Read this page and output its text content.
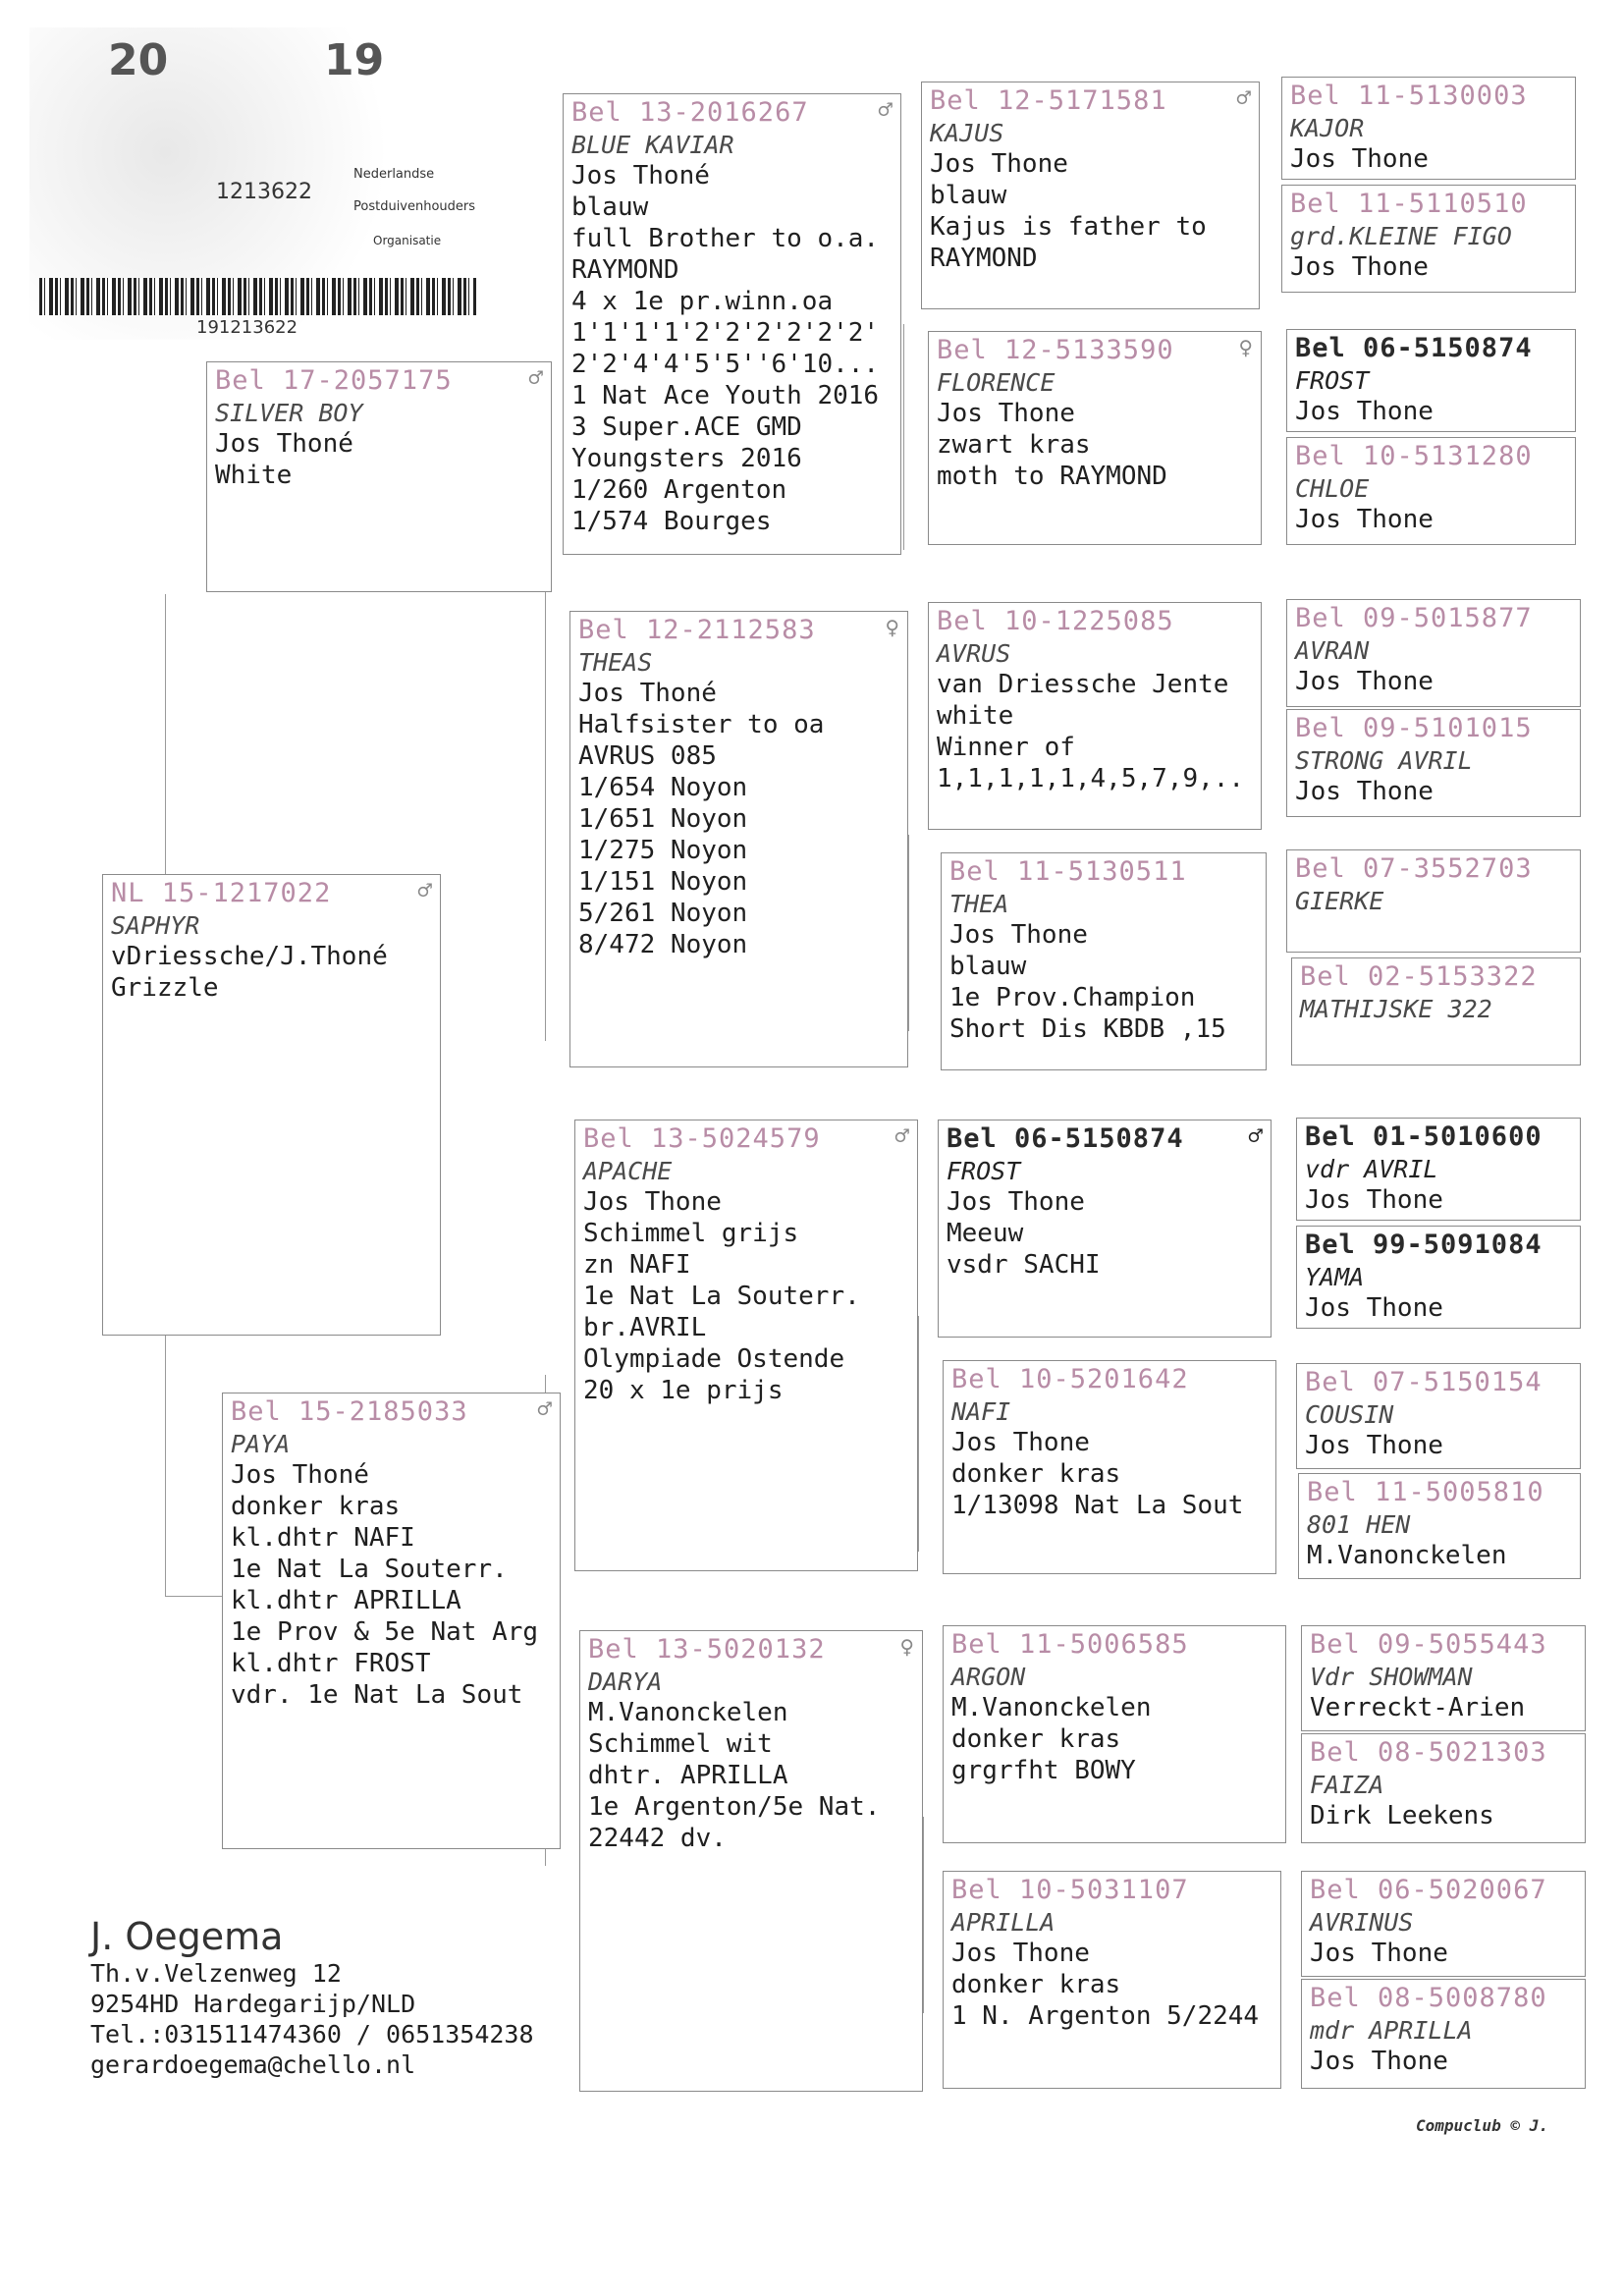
20	19
1213622
Nederlandse
Postduivenhouders
Organisatie
191213622
Bel 17-2057175	♂
SILVER BOY
Jos Thoné
White
NL 15-1217022	♂
SAPHYR
vDriessche/J.Thoné
Grizzle
Bel 15-2185033	♂
PAYA
Jos Thoné
donker kras
kl.dhtr NAFI
1e Nat La Souterr.
kl.dhtr APRILLA
1e Prov & 5e Nat Arg
kl.dhtr FROST
vdr. 1e Nat La Sout
Bel 13-2016267	♂
BLUE KAVIAR
Jos Thoné
blauw
full Brother to o.a.
RAYMOND
4 x 1e pr.winn.oa
1'1'1'1'2'2'2'2'2'2'
2'2'4'4'5'5''6'10...
1 Nat Ace Youth 2016
3 Super.ACE GMD
Youngsters 2016
1/260 Argenton
1/574 Bourges
Bel 12-2112583	♀
THEAS
Jos Thoné
Halfsister to oa
AVRUS 085
1/654 Noyon
1/651 Noyon
1/275 Noyon
1/151 Noyon
5/261 Noyon
8/472 Noyon
Bel 13-5024579	♂
APACHE
Jos Thone
Schimmel grijs
zn NAFI
1e Nat La Souterr.
br.AVRIL
Olympiade Ostende
20 x 1e prijs
Bel 13-5020132	♀
DARYA
M.Vanonckelen
Schimmel wit
dhtr. APRILLA
1e Argenton/5e Nat.
22442 dv.
Bel 12-5171581	♂
KAJUS
Jos Thone
blauw
Kajus is father to
RAYMOND
Bel 12-5133590	♀
FLORENCE
Jos Thone
zwart kras
moth to RAYMOND
Bel 10-1225085
AVRUS
van Driessche Jente
white
Winner of
1,1,1,1,1,4,5,7,9,..
Bel 11-5130511
THEA
Jos Thone
blauw
1e Prov.Champion
Short Dis KBDB ,15
Bel 06-5150874	♂
FROST
Jos Thone
Meeuw
vsdr SACHI
Bel 10-5201642
NAFI
Jos Thone
donker kras
1/13098 Nat La Sout
Bel 11-5006585
ARGON
M.Vanonckelen
donker kras
grgrfht BOWY
Bel 10-5031107
APRILLA
Jos Thone
donker kras
1 N. Argenton 5/2244
Bel 11-5130003
KAJOR
Jos Thone
Bel 11-5110510
grd.KLEINE FIGO
Jos Thone
Bel 06-5150874
FROST
Jos Thone
Bel 10-5131280
CHLOE
Jos Thone
Bel 09-5015877
AVRAN
Jos Thone
Bel 09-5101015
STRONG AVRIL
Jos Thone
Bel 07-3552703
GIERKE
Bel 02-5153322
MATHIJSKE 322
Bel 01-5010600
vdr AVRIL
Jos Thone
Bel 99-5091084
YAMA
Jos Thone
Bel 07-5150154
COUSIN
Jos Thone
Bel 11-5005810
801 HEN
M.Vanonckelen
Bel 09-5055443
Vdr SHOWMAN
Verreckt-Arien
Bel 08-5021303
FAIZA
Dirk Leekens
Bel 06-5020067
AVRINUS
Jos Thone
Bel 08-5008780
mdr APRILLA
Jos Thone
J. Oegema
Th.v.Velzenweg 12
9254HD Hardegarijp/NLD
Tel.:031511474360 / 0651354238
gerardoegema@chello.nl
Compuclub © J.
